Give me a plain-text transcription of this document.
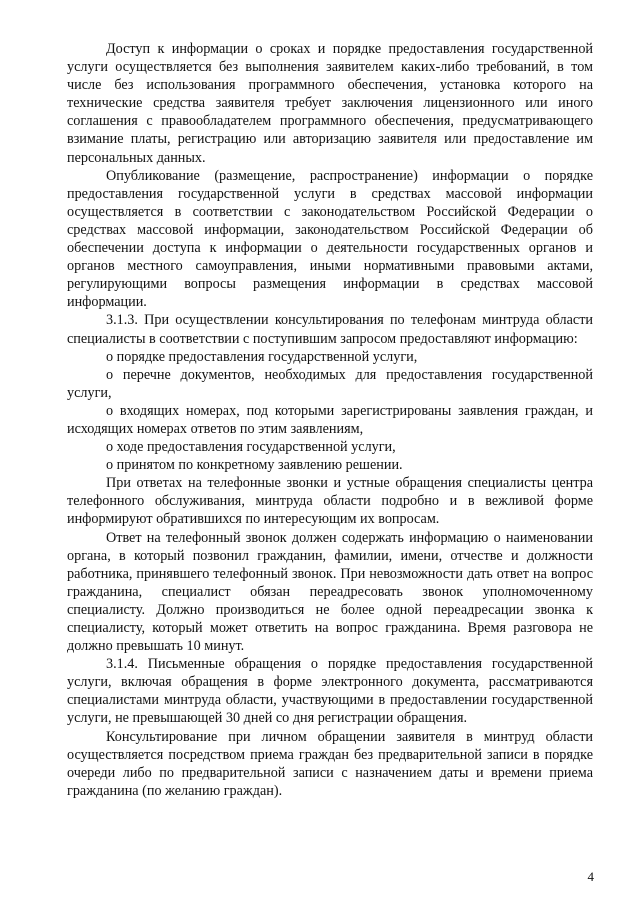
Доступ к информации о сроках и порядке предоставления государственной услуги осуществляется без выполнения заявителем каких-либо требований, в том числе без использования программного обеспечения, установка которого на технические средства заявителя требует заключения лицензионного или иного соглашения с правообладателем программного обеспечения, предусматривающего взимание платы, регистрацию или авторизацию заявителя или предоставление им персональных данных.

Опубликование (размещение, распространение) информации о порядке предоставления государственной услуги в средствах массовой информации осуществляется в соответствии с законодательством Российской Федерации о средствах массовой информации, законодательством Российской Федерации об обеспечении доступа к информации о деятельности государственных органов и органов местного самоуправления, иными нормативными правовыми актами, регулирующими вопросы размещения информации в средствах массовой информации.

3.1.3. При осуществлении консультирования по телефонам минтруда области специалисты в соответствии с поступившим запросом предоставляют информацию:

о порядке предоставления государственной услуги,

о перечне документов, необходимых для предоставления государственной услуги,

о входящих номерах, под которыми зарегистрированы заявления граждан, и исходящих номерах ответов по этим заявлениям,

о ходе предоставления государственной услуги,

о принятом по конкретному заявлению решении.

При ответах на телефонные звонки и устные обращения специалисты центра телефонного обслуживания, минтруда области подробно и в вежливой форме информируют обратившихся по интересующим их вопросам.

Ответ на телефонный звонок должен содержать информацию о наименовании органа, в который позвонил гражданин, фамилии, имени, отчестве и должности работника, принявшего телефонный звонок. При невозможности дать ответ на вопрос гражданина, специалист обязан переадресовать звонок уполномоченному специалисту. Должно производиться не более одной переадресации звонка к специалисту, который может ответить на вопрос гражданина. Время разговора не должно превышать 10 минут.

3.1.4. Письменные обращения о порядке предоставления государственной услуги, включая обращения в форме электронного документа, рассматриваются специалистами минтруда области, участвующими в предоставлении государственной услуги, не превышающей 30 дней со дня регистрации обращения.

Консультирование при личном обращении заявителя в минтруд области осуществляется посредством приема граждан без предварительной записи в порядке очереди либо по предварительной записи с назначением даты и времени приема гражданина (по желанию граждан).

4
